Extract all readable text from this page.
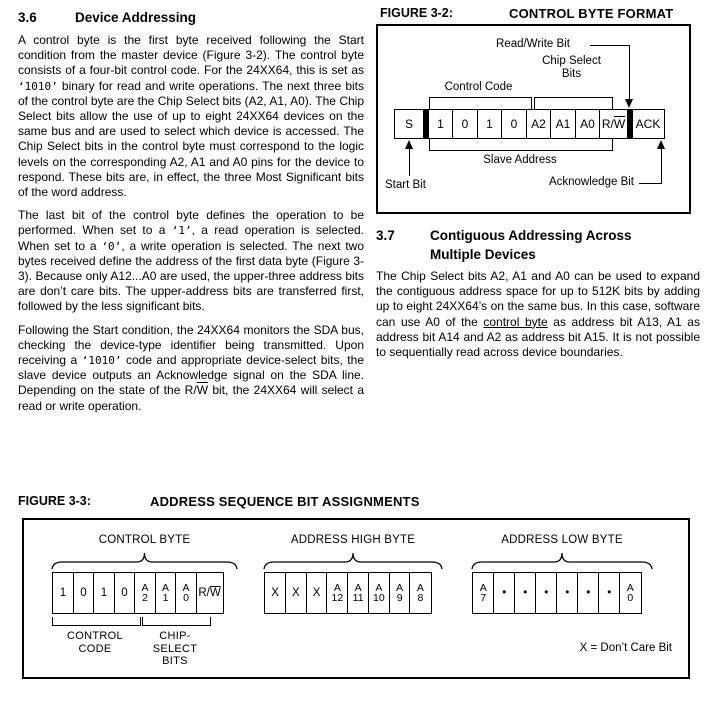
3.6	Device Addressing

A control byte is the first byte received following the Start condition from the master device (Figure 3-2). The control byte consists of a four-bit control code. For the 24XX64, this is set as ‘1010’ binary for read and write operations. The next three bits of the control byte are the Chip Select bits (A2, A1, A0). The Chip Select bits allow the use of up to eight 24XX64 devices on the same bus and are used to select which device is accessed. The Chip Select bits in the control byte must correspond to the logic levels on the corresponding A2, A1 and A0 pins for the device to respond. These bits are, in effect, the three Most Significant bits of the word address.

The last bit of the control byte defines the operation to be performed. When set to a ‘1’, a read operation is selected. When set to a ‘0’, a write operation is selected. The next two bytes received define the address of the first data byte (Figure 3-3). Because only A12...A0 are used, the upper-three address bits are don’t care bits. The upper-address bits are transferred first, followed by the less significant bits.

Following the Start condition, the 24XX64 monitors the SDA bus, checking the device-type identifier being transmitted. Upon receiving a ‘1010’ code and appropriate device-select bits, the slave device outputs an Acknowledge signal on the SDA line. Depending on the state of the $R/\overline{W}$ bit, the 24XX64 will select a read or write operation.

FIGURE 3-2:	CONTROL BYTE FORMAT
Read/Write Bit
Control Code
Chip Select
Bits
S 1 0 1 0 A2 A1 A0 R/ $\overline{W}$ ACK
Slave Address
Start Bit	Acknowledge Bit
3.7	Contiguous Addressing Across
Multiple Devices

The Chip Select bits A2, A1 and A0 can be used to expand the contiguous address space for up to 512K bits by adding up to eight 24XX64’s on the same bus. In this case, software can use A0 of the control byte as address bit A13, A1 as address bit A14 and A2 as address bit A15. It is not possible to sequentially read across device boundaries.

FIGURE 3-3:	ADDRESS SEQUENCE BIT ASSIGNMENTS
CONTROL BYTE
1 0 1 0 A
2
A
1
A
0 $R/\overline{W}$
CONTROL
CODE
CHIP-
SELECT
BITS
ADDRESS HIGH BYTE
X X X A
12
A
11
A
10
A
9
A
8
ADDRESS LOW BYTE
A
7 • • • • • • A
0
X = Don’t Care Bit
